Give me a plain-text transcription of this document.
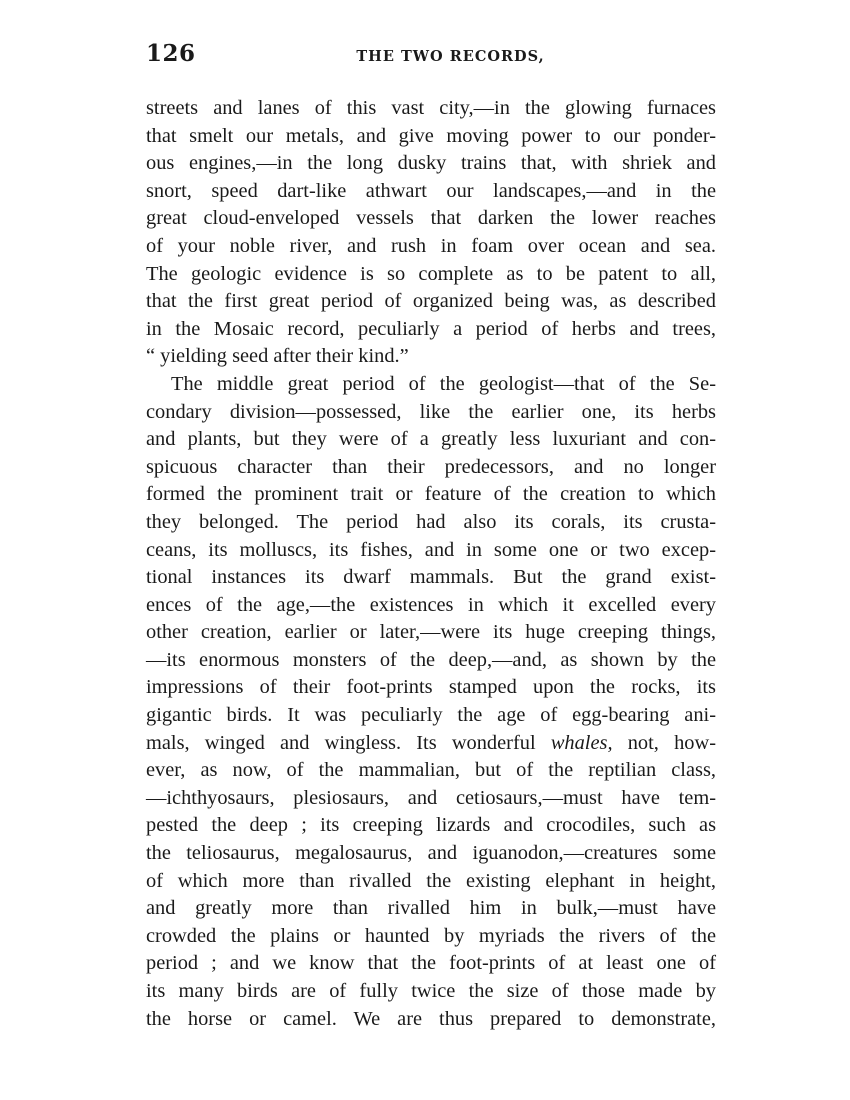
126	THE TWO RECORDS,
streets and lanes of this vast city,—in the glowing furnaces
that smelt our metals, and give moving power to our ponder-
ous engines,—in the long dusky trains that, with shriek and
snort, speed dart-like athwart our landscapes,—and in the
great cloud-enveloped vessels that darken the lower reaches
of your noble river, and rush in foam over ocean and sea.
The geologic evidence is so complete as to be patent to all,
that the first great period of organized being was, as described
in the Mosaic record, peculiarly a period of herbs and trees,
“ yielding seed after their kind.”
The middle great period of the geologist—that of the Se-
condary division—possessed, like the earlier one, its herbs
and plants, but they were of a greatly less luxuriant and con-
spicuous character than their predecessors, and no longer
formed the prominent trait or feature of the creation to which
they belonged. The period had also its corals, its crusta-
ceans, its molluscs, its fishes, and in some one or two excep-
tional instances its dwarf mammals. But the grand exist-
ences of the age,—the existences in which it excelled every
other creation, earlier or later,—were its huge creeping things,
—its enormous monsters of the deep,—and, as shown by the
impressions of their foot-prints stamped upon the rocks, its
gigantic birds. It was peculiarly the age of egg-bearing ani-
mals, winged and wingless. Its wonderful whales, not, how-
ever, as now, of the mammalian, but of the reptilian class,
—ichthyosaurs, plesiosaurs, and cetiosaurs,—must have tem-
pested the deep ; its creeping lizards and crocodiles, such as
the teliosaurus, megalosaurus, and iguanodon,—creatures some
of which more than rivalled the existing elephant in height,
and greatly more than rivalled him in bulk,—must have
crowded the plains or haunted by myriads the rivers of the
period ; and we know that the foot-prints of at least one of
its many birds are of fully twice the size of those made by
the horse or camel. We are thus prepared to demonstrate,
